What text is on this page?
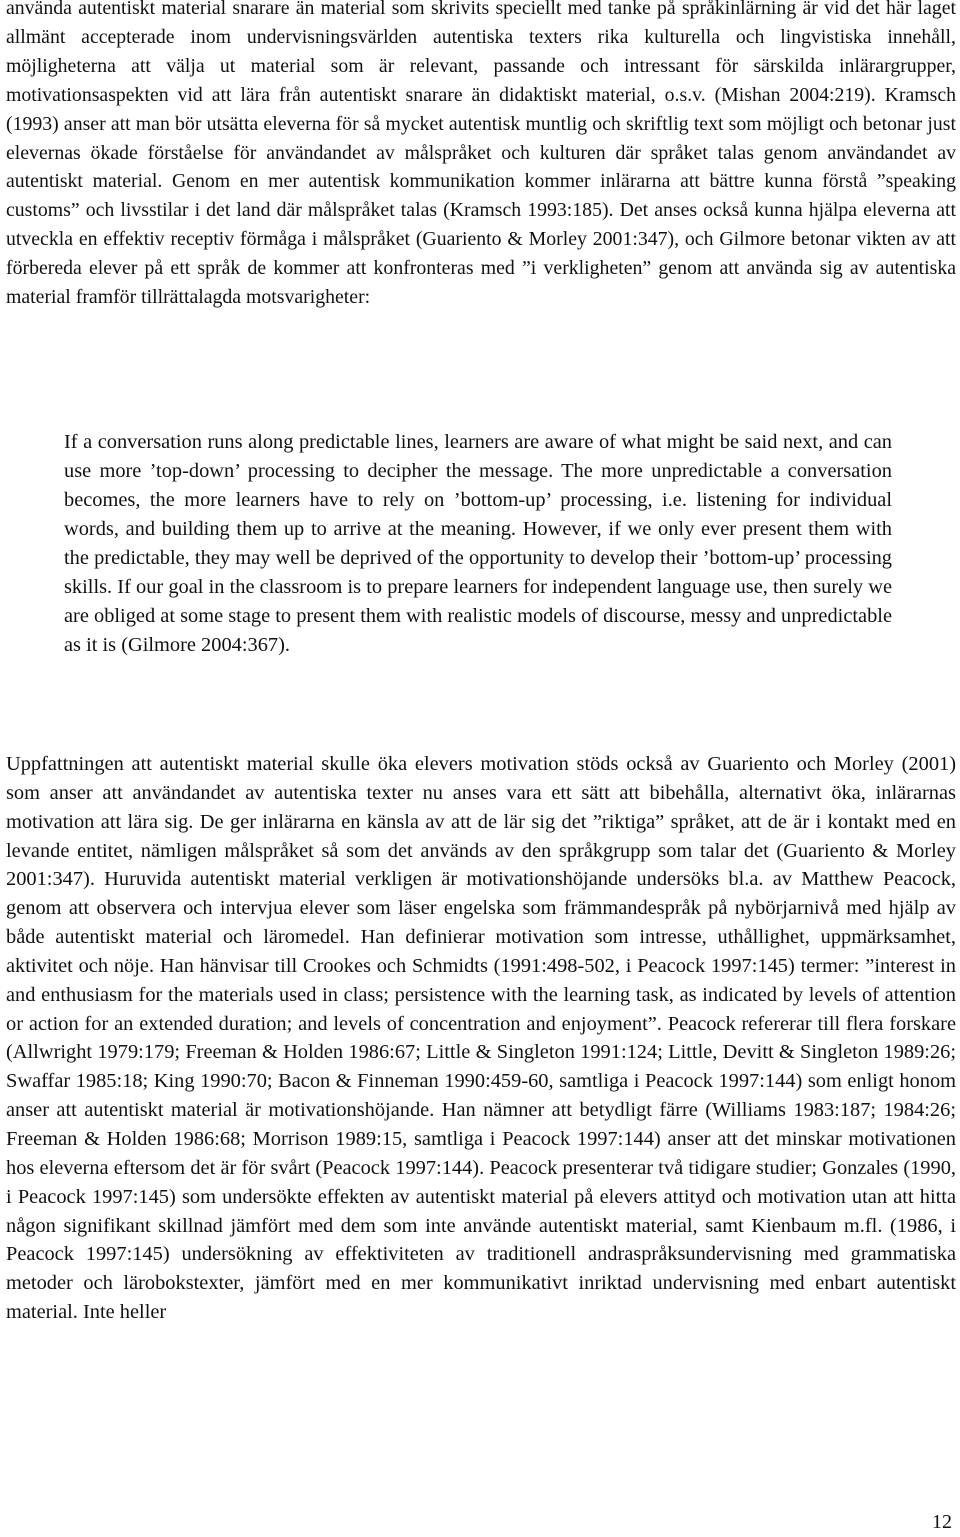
använda autentiskt material snarare än material som skrivits speciellt med tanke på språkinlärning är vid det här laget allmänt accepterade inom undervisningsvärlden autentiska texters rika kulturella och lingvistiska innehåll, möjligheterna att välja ut material som är relevant, passande och intressant för särskilda inlärargrupper, motivationsaspekten vid att lära från autentiskt snarare än didaktiskt material, o.s.v. (Mishan 2004:219). Kramsch (1993) anser att man bör utsätta eleverna för så mycket autentisk muntlig och skriftlig text som möjligt och betonar just elevernas ökade förståelse för användandet av målspråket och kulturen där språket talas genom användandet av autentiskt material. Genom en mer autentisk kommunikation kommer inlärarna att bättre kunna förstå ”speaking customs” och livsstilar i det land där målspråket talas (Kramsch 1993:185). Det anses också kunna hjälpa eleverna att utveckla en effektiv receptiv förmåga i målspråket (Guariento & Morley 2001:347), och Gilmore betonar vikten av att förbereda elever på ett språk de kommer att konfronteras med ”i verkligheten” genom att använda sig av autentiska material framför tillrättalagda motsvarigheter:

If a conversation runs along predictable lines, learners are aware of what might be said next, and can use more ’top-down’ processing to decipher the message. The more unpredictable a conversation becomes, the more learners have to rely on ’bottom-up’ processing, i.e. listening for individual words, and building them up to arrive at the meaning. However, if we only ever present them with the predictable, they may well be deprived of the opportunity to develop their ’bottom-up’ processing skills. If our goal in the classroom is to prepare learners for independent language use, then surely we are obliged at some stage to present them with realistic models of discourse, messy and unpredictable as it is (Gilmore 2004:367).

Uppfattningen att autentiskt material skulle öka elevers motivation stöds också av Guariento och Morley (2001) som anser att användandet av autentiska texter nu anses vara ett sätt att bibehålla, alternativt öka, inlärarnas motivation att lära sig. De ger inlärarna en känsla av att de lär sig det ”riktiga” språket, att de är i kontakt med en levande entitet, nämligen målspråket så som det används av den språkgrupp som talar det (Guariento & Morley 2001:347). Huruvida autentiskt material verkligen är motivationshöjande undersöks bl.a. av Matthew Peacock, genom att observera och intervjua elever som läser engelska som främmandespråk på nybörjarnivå med hjälp av både autentiskt material och läromedel. Han definierar motivation som intresse, uthållighet, uppmärksamhet, aktivitet och nöje. Han hänvisar till Crookes och Schmidts (1991:498-502, i Peacock 1997:145) termer: ”interest in and enthusiasm for the materials used in class; persistence with the learning task, as indicated by levels of attention or action for an extended duration; and levels of concentration and enjoyment”. Peacock refererar till flera forskare (Allwright 1979:179; Freeman & Holden 1986:67; Little & Singleton 1991:124; Little, Devitt & Singleton 1989:26; Swaffar 1985:18; King 1990:70; Bacon & Finneman 1990:459-60, samtliga i Peacock 1997:144) som enligt honom anser att autentiskt material är motivationshöjande. Han nämner att betydligt färre (Williams 1983:187; 1984:26; Freeman & Holden 1986:68; Morrison 1989:15, samtliga i Peacock 1997:144) anser att det minskar motivationen hos eleverna eftersom det är för svårt (Peacock 1997:144). Peacock presenterar två tidigare studier; Gonzales (1990, i Peacock 1997:145) som undersökte effekten av autentiskt material på elevers attityd och motivation utan att hitta någon signifikant skillnad jämfört med dem som inte använde autentiskt material, samt Kienbaum m.fl. (1986, i Peacock 1997:145) undersökning av effektiviteten av traditionell andraspråksundervisning med grammatiska metoder och lärobokstexter, jämfört med en mer kommunikativt inriktad undervisning med enbart autentiskt material. Inte heller

12
